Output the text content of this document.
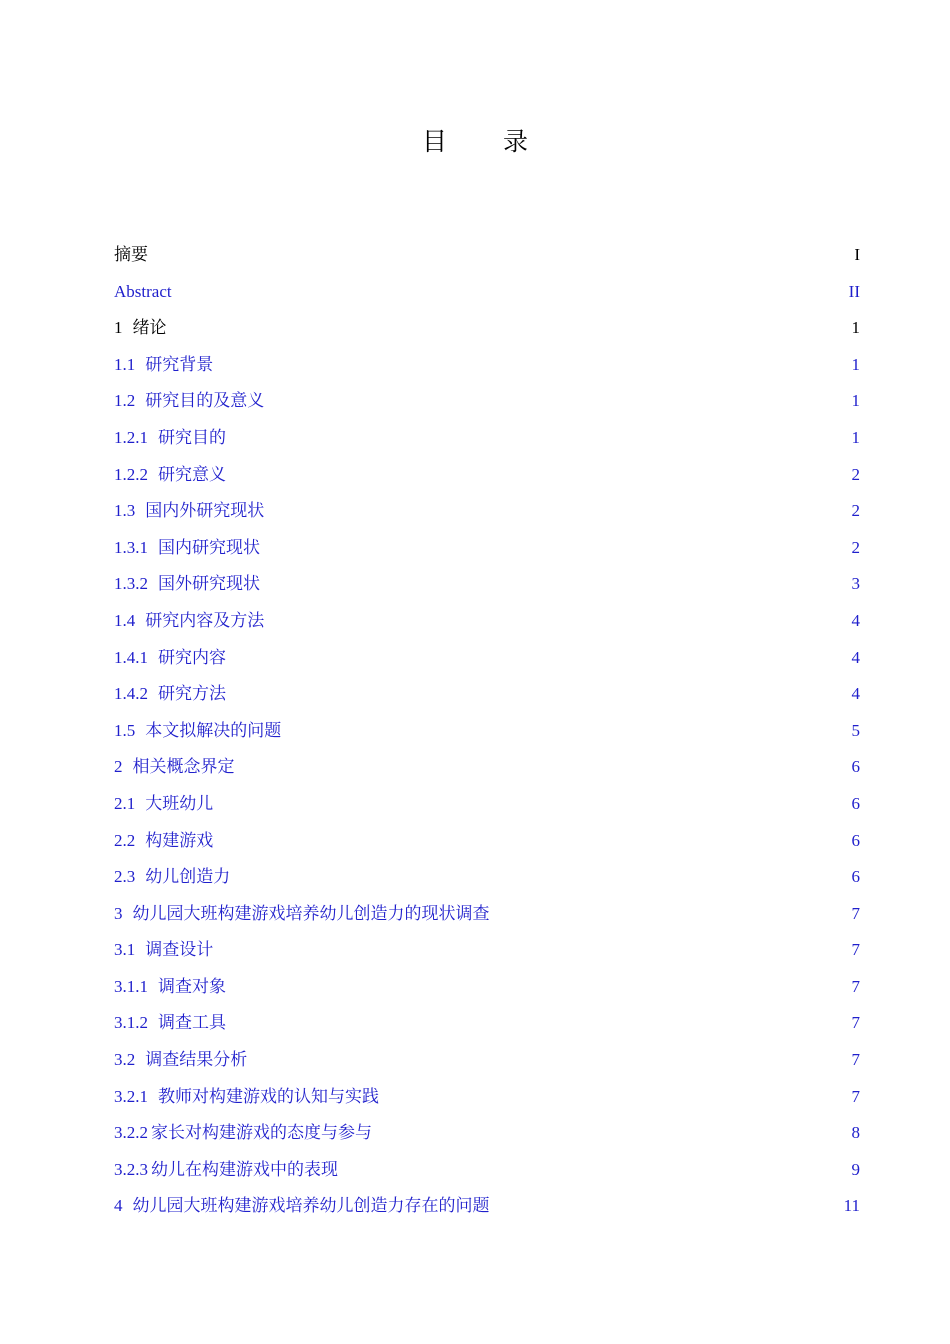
目 录
摘要	I
Abstract	II
1 绪论	1
1.1 研究背景	1
1.2 研究目的及意义	1
1.2.1 研究目的	1
1.2.2 研究意义	2
1.3 国内外研究现状	2
1.3.1 国内研究现状	2
1.3.2 国外研究现状	3
1.4 研究内容及方法	4
1.4.1 研究内容	4
1.4.2 研究方法	4
1.5 本文拟解决的问题	5
2 相关概念界定	6
2.1 大班幼儿	6
2.2 构建游戏	6
2.3 幼儿创造力	6
3 幼儿园大班构建游戏培养幼儿创造力的现状调查	7
3.1 调查设计	7
3.1.1 调查对象	7
3.1.2 调查工具	7
3.2 调查结果分析	7
3.2.1 教师对构建游戏的认知与实践	7
3.2.2 家长对构建游戏的态度与参与	8
3.2.3 幼儿在构建游戏中的表现	9
4 幼儿园大班构建游戏培养幼儿创造力存在的问题	11
